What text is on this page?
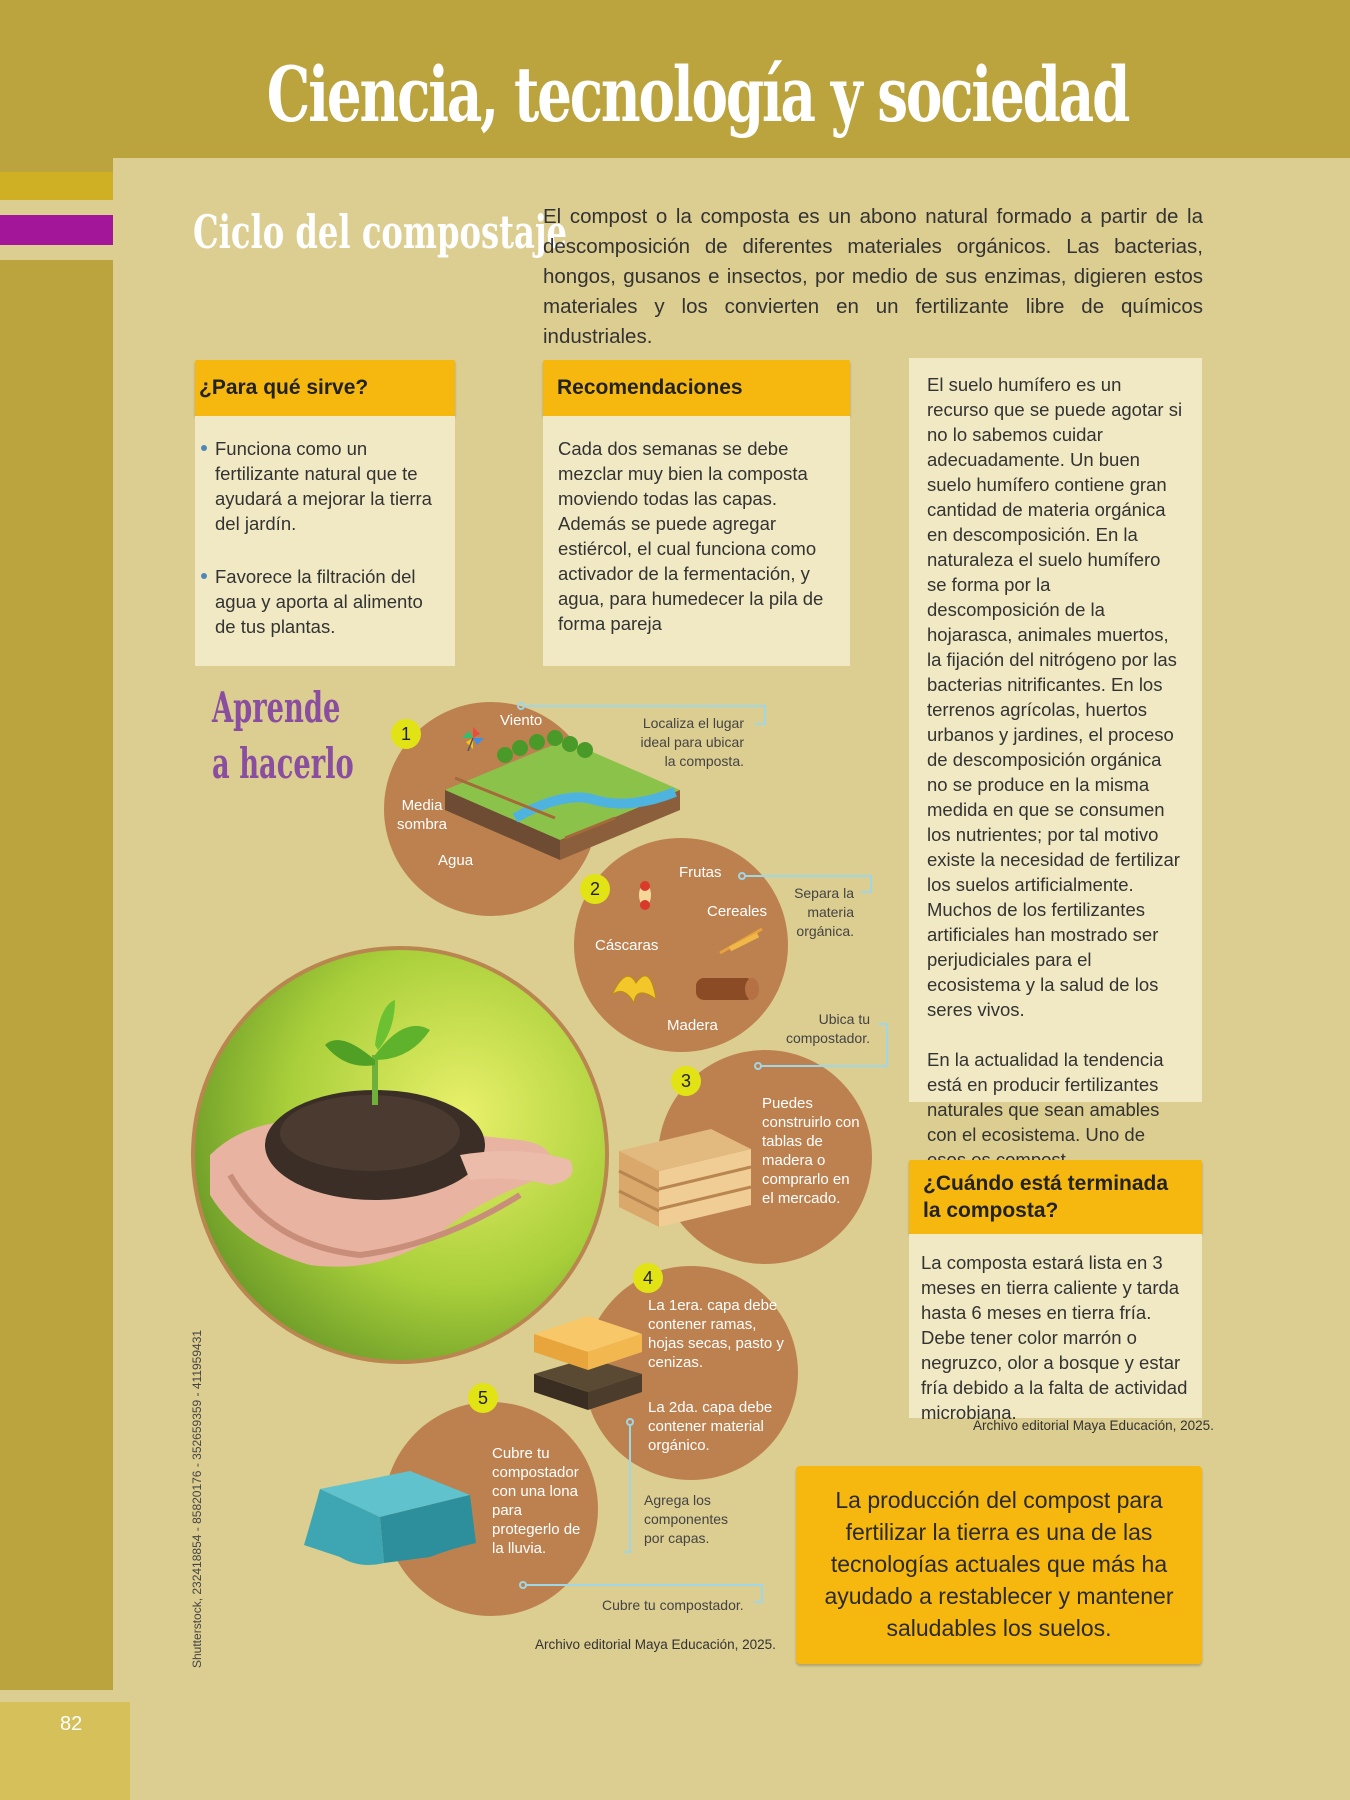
Ciencia, tecnología y sociedad
82
Ciclo del compostaje
El compost o la composta es un abono natural formado a partir de la descomposición de diferentes materiales orgánicos. Las bacterias, hongos, gusanos e insectos, por medio de sus enzimas, digieren estos materiales y los convierten en un fertilizante libre de químicos industriales.
¿Para qué sirve?
Funciona como un fertilizante natural que te ayudará a mejorar la tierra del jardín.
Favorece la filtración del agua y aporta al alimento de tus plantas.
Recomendaciones
Cada dos semanas se debe mezclar muy bien la composta moviendo todas las capas. Además se puede agregar estiércol, el cual funciona como activador de la fermentación, y agua, para humedecer la pila de forma pareja
El suelo humífero es un recurso que se puede agotar si no lo sabemos cuidar adecuadamente. Un buen suelo humífero contiene gran cantidad de materia orgánica en descomposición. En la naturaleza el suelo humífero se forma por la descomposición de la hojarasca, animales muertos, la fijación del nitrógeno por las bacterias nitrificantes. En los terrenos agrícolas, huertos urbanos y jardines, el proceso de descomposición orgánica no se produce en la misma medida en que se consumen los nutrientes; por tal motivo existe la necesidad de fertilizar los suelos artificialmente. Muchos de los fertilizantes artificiales han mostrado ser perjudiciales para el ecosistema y la salud de los seres vivos.
En la actualidad la tendencia está en producir fertilizantes naturales que sean amables con el ecosistema. Uno de
¿Cuándo está terminada la composta?
La composta estará lista en 3 meses en tierra caliente y tarda hasta 6 meses en tierra fría. Debe tener color marrón o negruzco, olor a bosque y estar fría debido a la falta de actividad microbiana.
Archivo editorial Maya Educación, 2025.
La producción del compost para fertilizar la tierra es una de las tecnologías actuales que más ha ayudado a restablecer y mantener saludables los suelos.
Aprende
a hacerlo
1
Viento
Media sombra
Agua
Localiza el lugar ideal para ubicar la composta.
2
Frutas
Cereales
Cáscaras
Madera
Separa la materia orgánica.
3
Puedes construirlo con tablas de madera o comprarlo en el mercado.
Ubica tu compostador.
4
La 1era. capa debe contener ramas, hojas secas, pasto y cenizas.
La 2da. capa debe contener material orgánico.
Agrega los componentes por capas.
5
Cubre tu compostador con una lona para protegerlo de la lluvia.
Cubre tu compostador.
Archivo editorial Maya Educación, 2025.
Shutterstock, 232418854 - 85820176 - 352659359 - 411959431
